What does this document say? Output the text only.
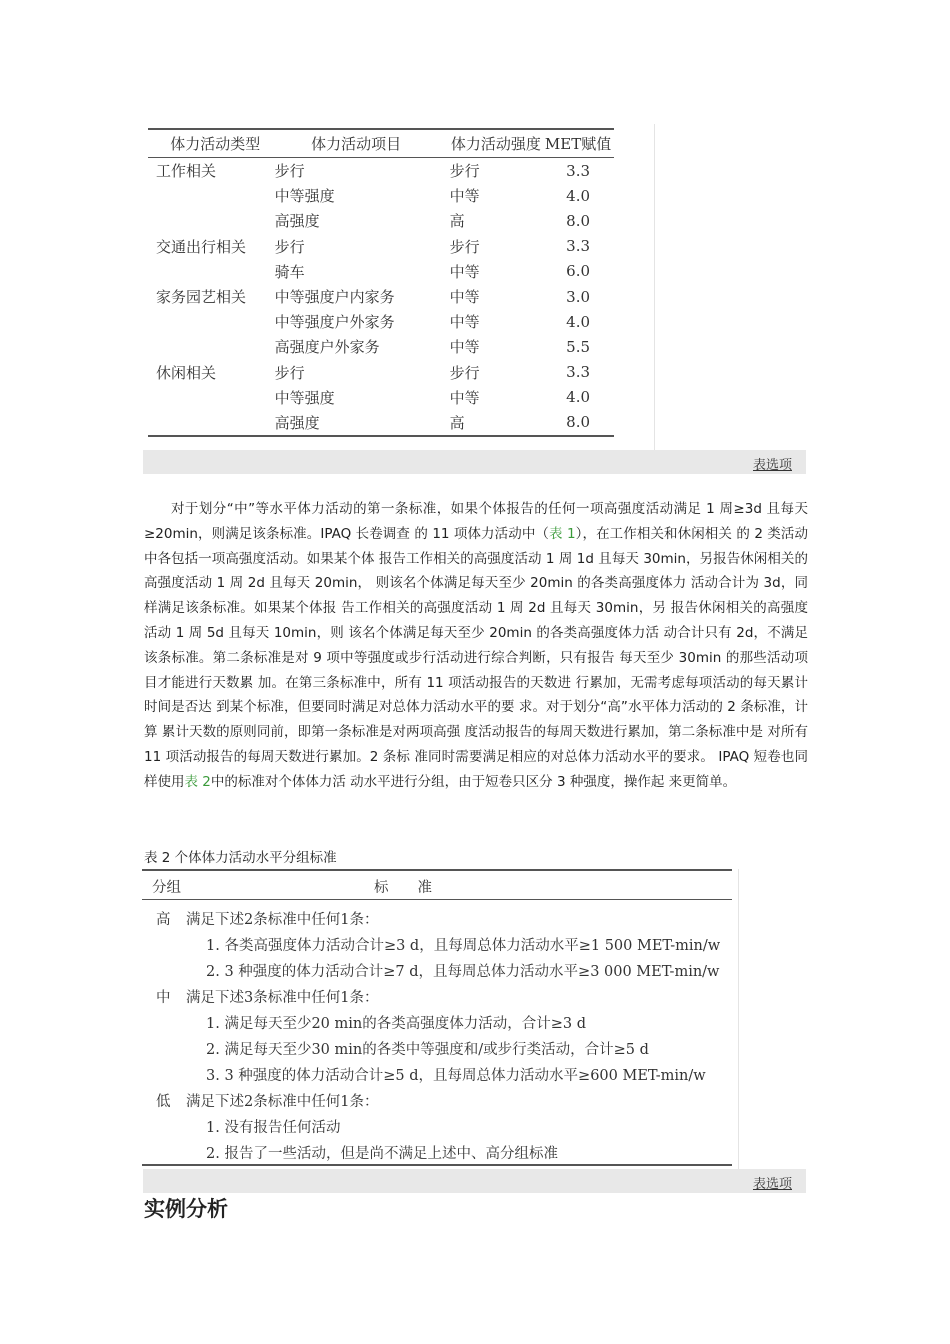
体力活动类型	体力活动项目	体力活动强度	MET赋值
工作相关	步行	步行	3.3
	中等强度	中等	4.0
	高强度	高	8.0
交通出行相关	步行	步行	3.3
	骑车	中等	6.0
家务园艺相关	中等强度户内家务	中等	3.0
	中等强度户外家务	中等	4.0
	高强度户外家务	中等	5.5
休闲相关	步行	步行	3.3
	中等强度	中等	4.0
	高强度	高	8.0
表选项

对于划分“中”等水平体力活动的第一条标准，如果个体报告的任何一项高强度活动满足 1 周≥3d 且每天≥20min，则满足该条标准。IPAQ 长卷调查 的 11 项体力活动中（表 1），在工作相关和休闲相关 的 2 类活动中各包括一项高强度活动。如果某个体 报告工作相关的高强度活动 1 周 1d 且每天 30min，另报告休闲相关的高强度活动 1 周 2d 且每天 20min， 则该名个体满足每天至少 20min 的各类高强度体力 活动合计为 3d，同样满足该条标准。如果某个体报 告工作相关的高强度活动 1 周 2d 且每天 30min，另 报告休闲相关的高强度活动 1 周 5d 且每天 10min，则 该名个体满足每天至少 20min 的各类高强度体力活 动合计只有 2d，不满足该条标准。第二条标准是对 9 项中等强度或步行活动进行综合判断，只有报告 每天至少 30min 的那些活动项目才能进行天数累 加。在第三条标准中，所有 11 项活动报告的天数进 行累加，无需考虑每项活动的每天累计时间是否达 到某个标准，但要同时满足对总体力活动水平的要 求。对于划分“高”水平体力活动的 2 条标准，计算 累计天数的原则同前，即第一条标准是对两项高强 度活动报告的每周天数进行累加，第二条标准中是 对所有 11 项活动报告的每周天数进行累加。2 条标 准同时需要满足相应的对总体力活动水平的要求。 IPAQ 短卷也同样使用表 2中的标准对个体体力活 动水平进行分组，由于短卷只区分 3 种强度，操作起 来更简单。

表 2 个体体力活动水平分组标准
分组	标　　准
高 满足下述2条标准中任何1条：
1. 各类高强度体力活动合计≥3 d，且每周总体力活动水平≥1 500 MET-min/w
2. 3 种强度的体力活动合计≥7 d，且每周总体力活动水平≥3 000 MET-min/w
中 满足下述3条标准中任何1条：
1. 满足每天至少20 min的各类高强度体力活动，合计≥3 d
2. 满足每天至少30 min的各类中等强度和/或步行类活动，合计≥5 d
3. 3 种强度的体力活动合计≥5 d，且每周总体力活动水平≥600 MET-min/w
低 满足下述2条标准中任何1条：
1. 没有报告任何活动
2. 报告了一些活动，但是尚不满足上述中、高分组标准
表选项
实例分析
